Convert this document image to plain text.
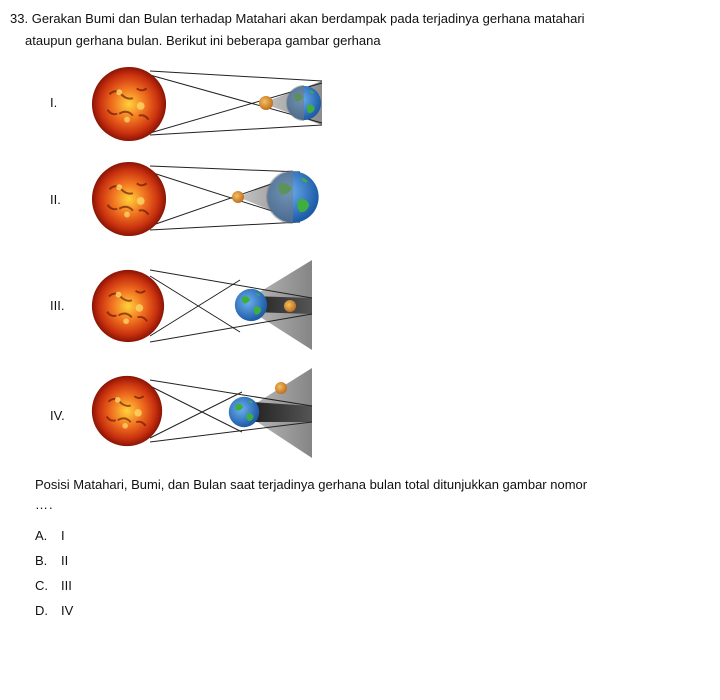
33. Gerakan Bumi dan Bulan terhadap Matahari akan berdampak pada terjadinya gerhana matahari
ataupun gerhana bulan. Berikut ini beberapa gambar gerhana
I.
II.
III.
IV.
Posisi Matahari, Bumi, dan Bulan saat terjadinya gerhana bulan total ditunjukkan gambar nomor
….
A. I
B. II
C. III
D. IV
